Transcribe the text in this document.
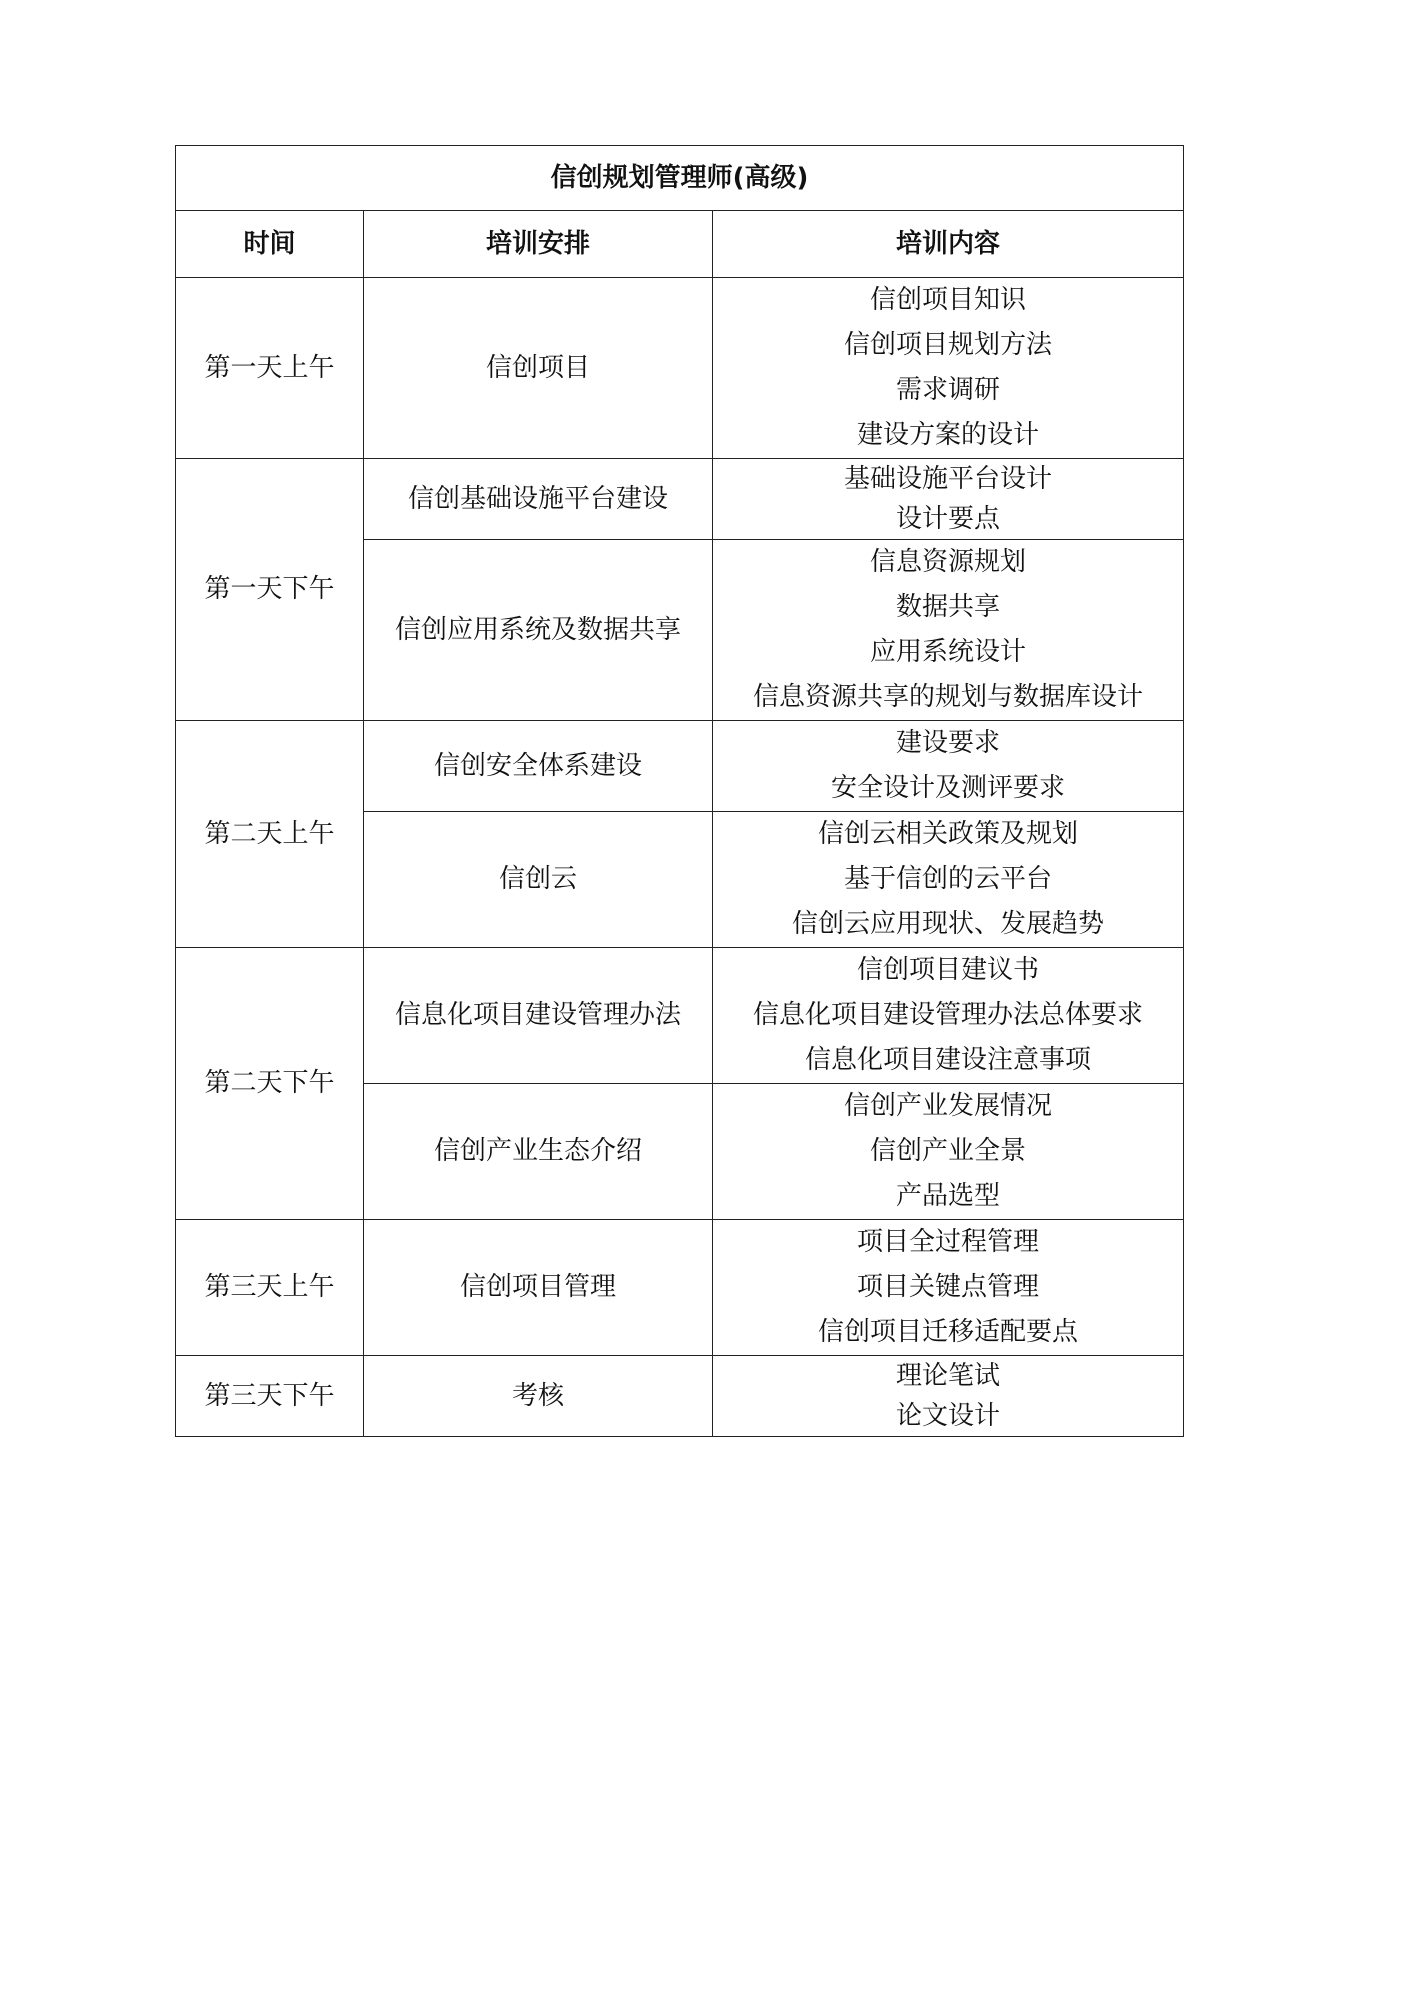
信创规划管理师(高级)		
时间	培训安排	培训内容
第一天上午	信创项目	信创项目知识
信创项目规划方法
需求调研
建设方案的设计

第一天下午	信创基础设施平台建设	基础设施平台设计
设计要点

	信创应用系统及数据共享	信息资源规划
数据共享
应用系统设计
信息资源共享的规划与数据库设计

第二天上午	信创安全体系建设	建设要求
安全设计及测评要求

	信创云	信创云相关政策及规划
基于信创的云平台
信创云应用现状、发展趋势

第二天下午	信息化项目建设管理办法	信创项目建议书
信息化项目建设管理办法总体要求
信息化项目建设注意事项

	信创产业生态介绍	信创产业发展情况
信创产业全景
产品选型

第三天上午	信创项目管理	项目全过程管理
项目关键点管理
信创项目迁移适配要点

第三天下午	考核	理论笔试
论文设计
